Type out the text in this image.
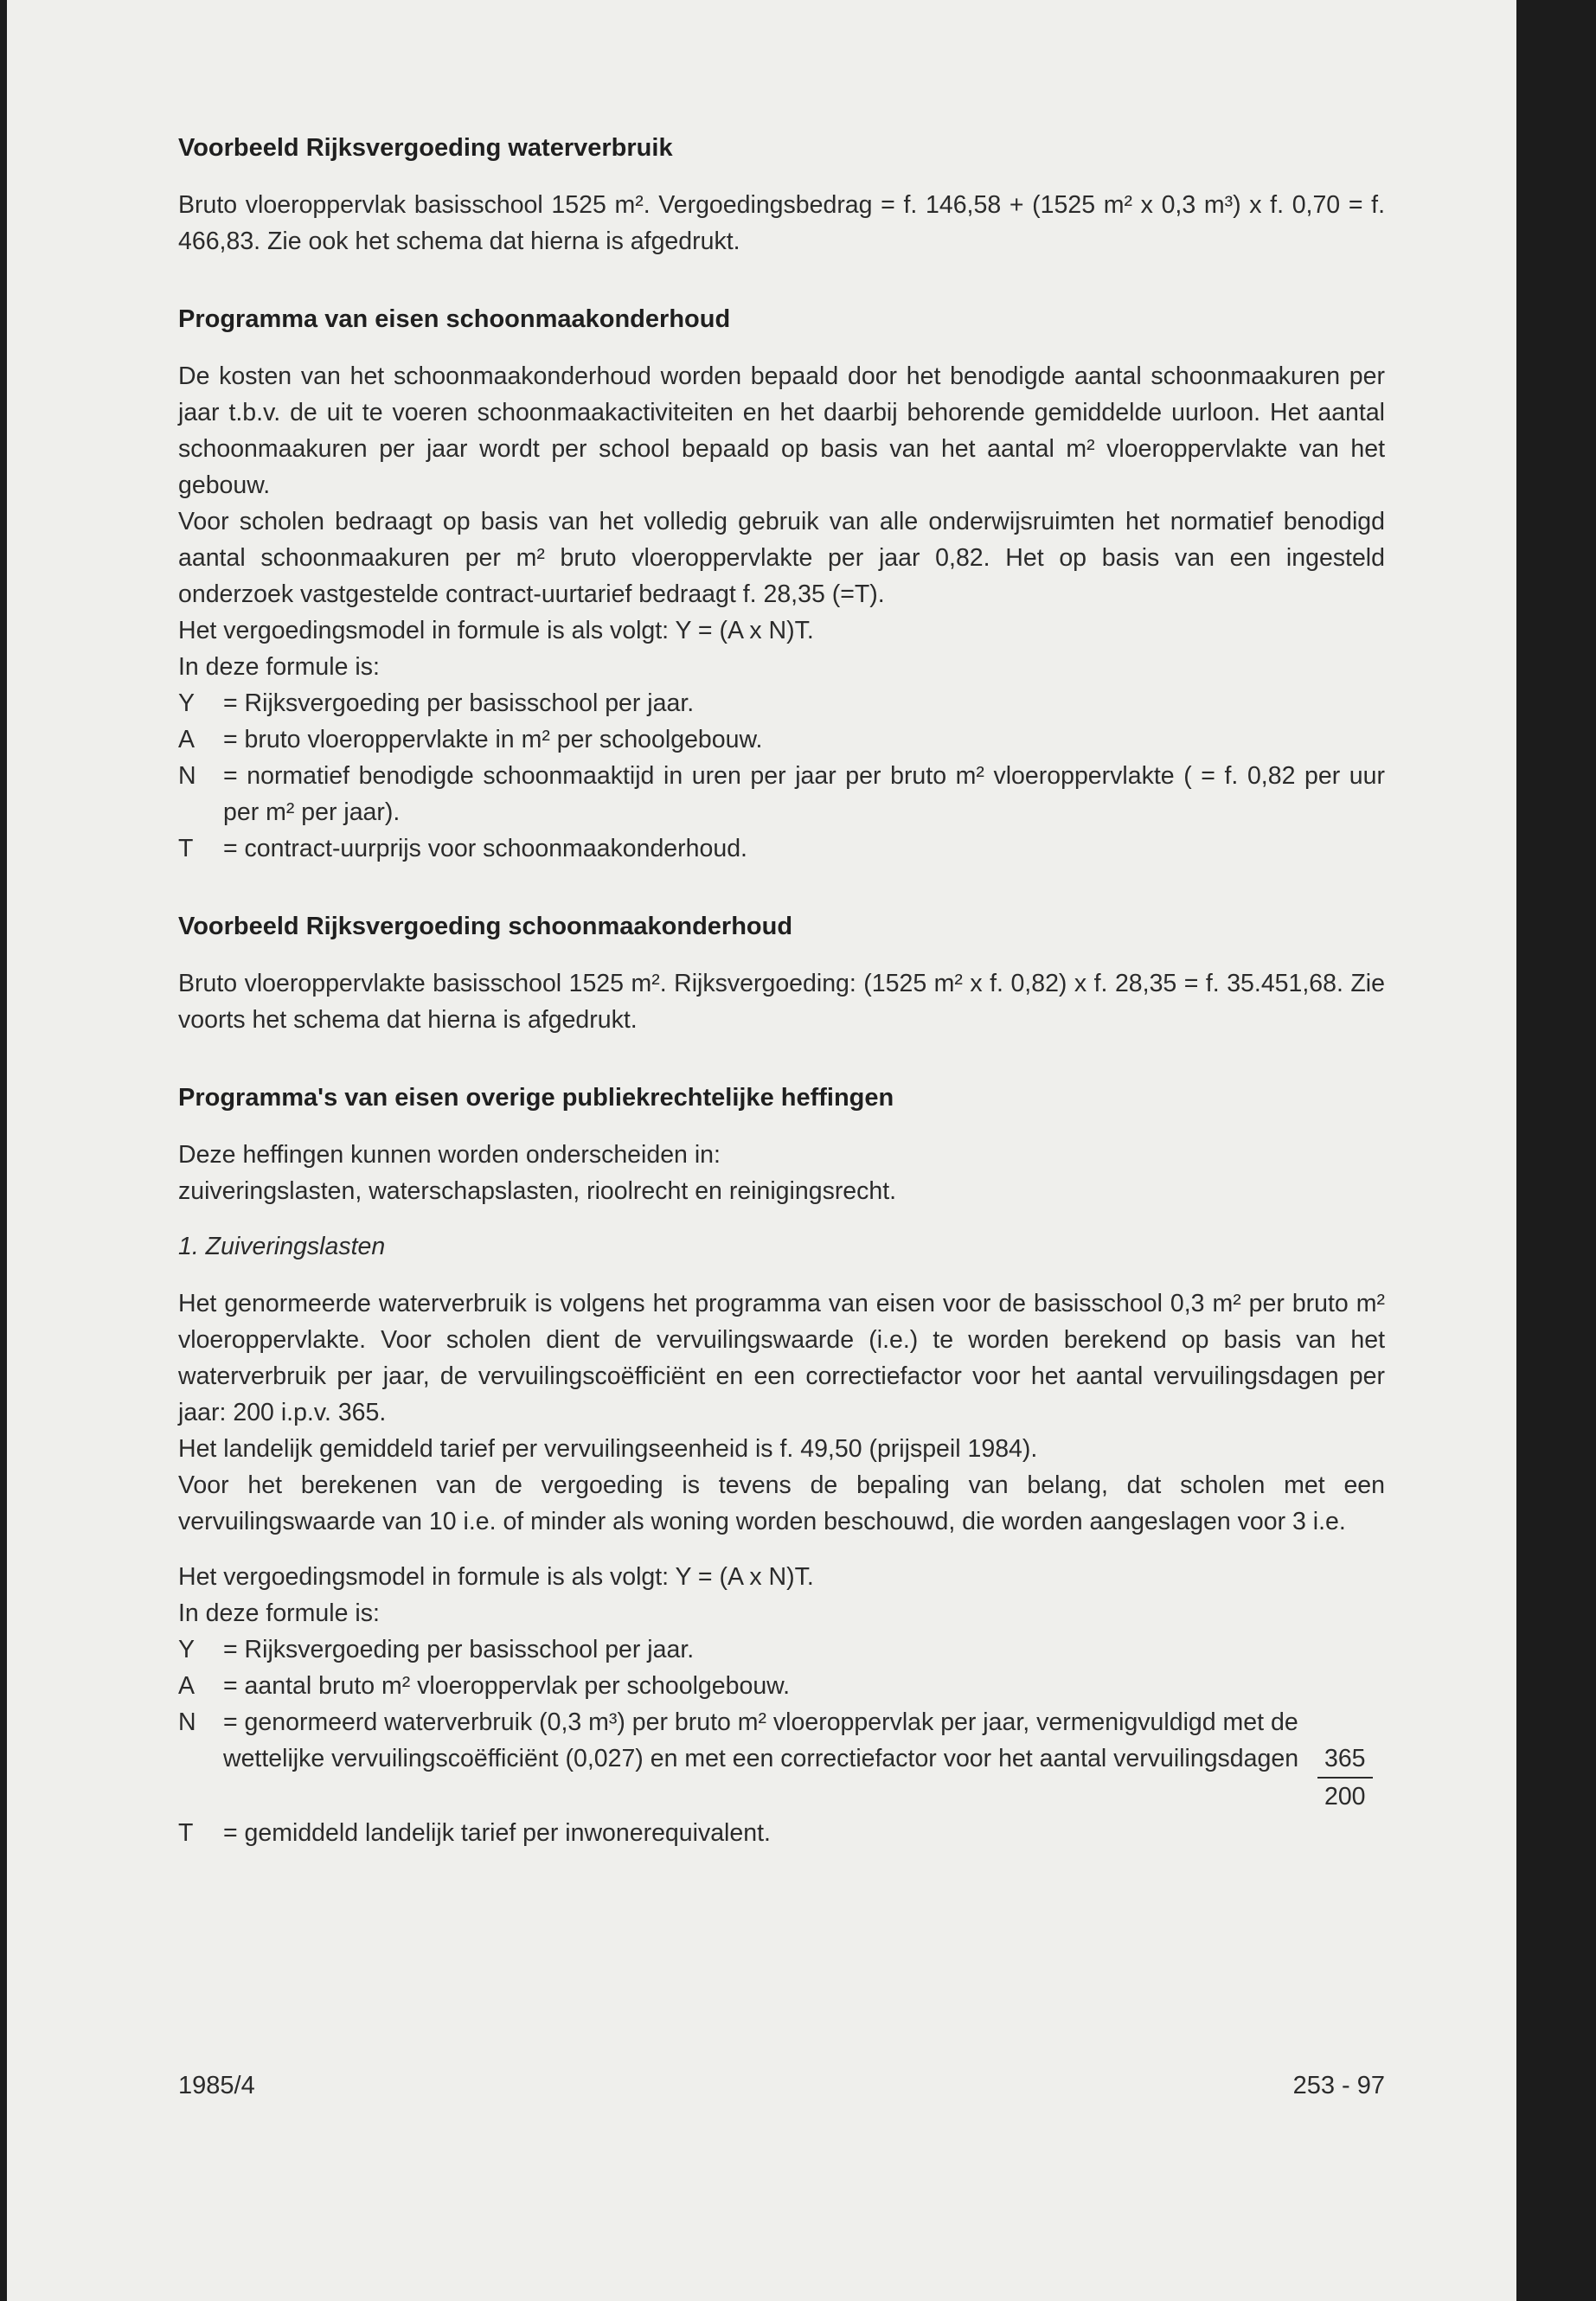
Voorbeeld Rijksvergoeding waterverbruik

Bruto vloeroppervlak basisschool 1525 m². Vergoedingsbedrag = f. 146,58 + (1525 m² x 0,3 m³) x f. 0,70 = f. 466,83. Zie ook het schema dat hierna is afgedrukt.

Programma van eisen schoonmaakonderhoud

De kosten van het schoonmaakonderhoud worden bepaald door het benodigde aantal schoonmaakuren per jaar t.b.v. de uit te voeren schoonmaakactiviteiten en het daarbij behorende gemiddelde uurloon. Het aantal schoonmaakuren per jaar wordt per school bepaald op basis van het aantal m² vloeroppervlakte van het gebouw.

Voor scholen bedraagt op basis van het volledig gebruik van alle onderwijsruimten het normatief benodigd aantal schoonmaakuren per m² bruto vloeroppervlakte per jaar 0,82. Het op basis van een ingesteld onderzoek vastgestelde contract-uurtarief bedraagt f. 28,35 (=T).

Het vergoedingsmodel in formule is als volgt: Y = (A x N)T.

In deze formule is:

Y	= Rijksvergoeding per basisschool per jaar.
A	= bruto vloeroppervlakte in m² per schoolgebouw.
N	= normatief benodigde schoonmaaktijd in uren per jaar per bruto m² vloeroppervlakte ( = f. 0,82 per uur per m² per jaar).
T	= contract-uurprijs voor schoonmaakonderhoud.
Voorbeeld Rijksvergoeding schoonmaakonderhoud

Bruto vloeroppervlakte basisschool 1525 m². Rijksvergoeding: (1525 m² x f. 0,82) x f. 28,35 = f. 35.451,68. Zie voorts het schema dat hierna is afgedrukt.

Programma's van eisen overige publiekrechtelijke heffingen

Deze heffingen kunnen worden onderscheiden in:

zuiveringslasten, waterschapslasten, rioolrecht en reinigingsrecht.

1. Zuiveringslasten

Het genormeerde waterverbruik is volgens het programma van eisen voor de basisschool 0,3 m² per bruto m² vloeroppervlakte. Voor scholen dient de vervuilingswaarde (i.e.) te worden berekend op basis van het waterverbruik per jaar, de vervuilingscoëfficiënt en een correctiefactor voor het aantal vervuilingsdagen per jaar: 200 i.p.v. 365.

Het landelijk gemiddeld tarief per vervuilingseenheid is f. 49,50 (prijspeil 1984).

Voor het berekenen van de vergoeding is tevens de bepaling van belang, dat scholen met een vervuilingswaarde van 10 i.e. of minder als woning worden beschouwd, die worden aangeslagen voor 3 i.e.

Het vergoedingsmodel in formule is als volgt: Y = (A x N)T.

In deze formule is:

Y	= Rijksvergoeding per basisschool per jaar.
A	= aantal bruto m² vloeroppervlak per schoolgebouw.
N	= genormeerd waterverbruik (0,3 m³) per bruto m² vloeroppervlak per jaar, vermenigvuldigd met de wettelijke vervuilingscoëfficiënt (0,027) en met een correctiefactor voor het aantal vervuilingsdagen $\frac{365}{200}$
T	= gemiddeld landelijk tarief per inwonerequivalent.
1985/4	253 - 97
